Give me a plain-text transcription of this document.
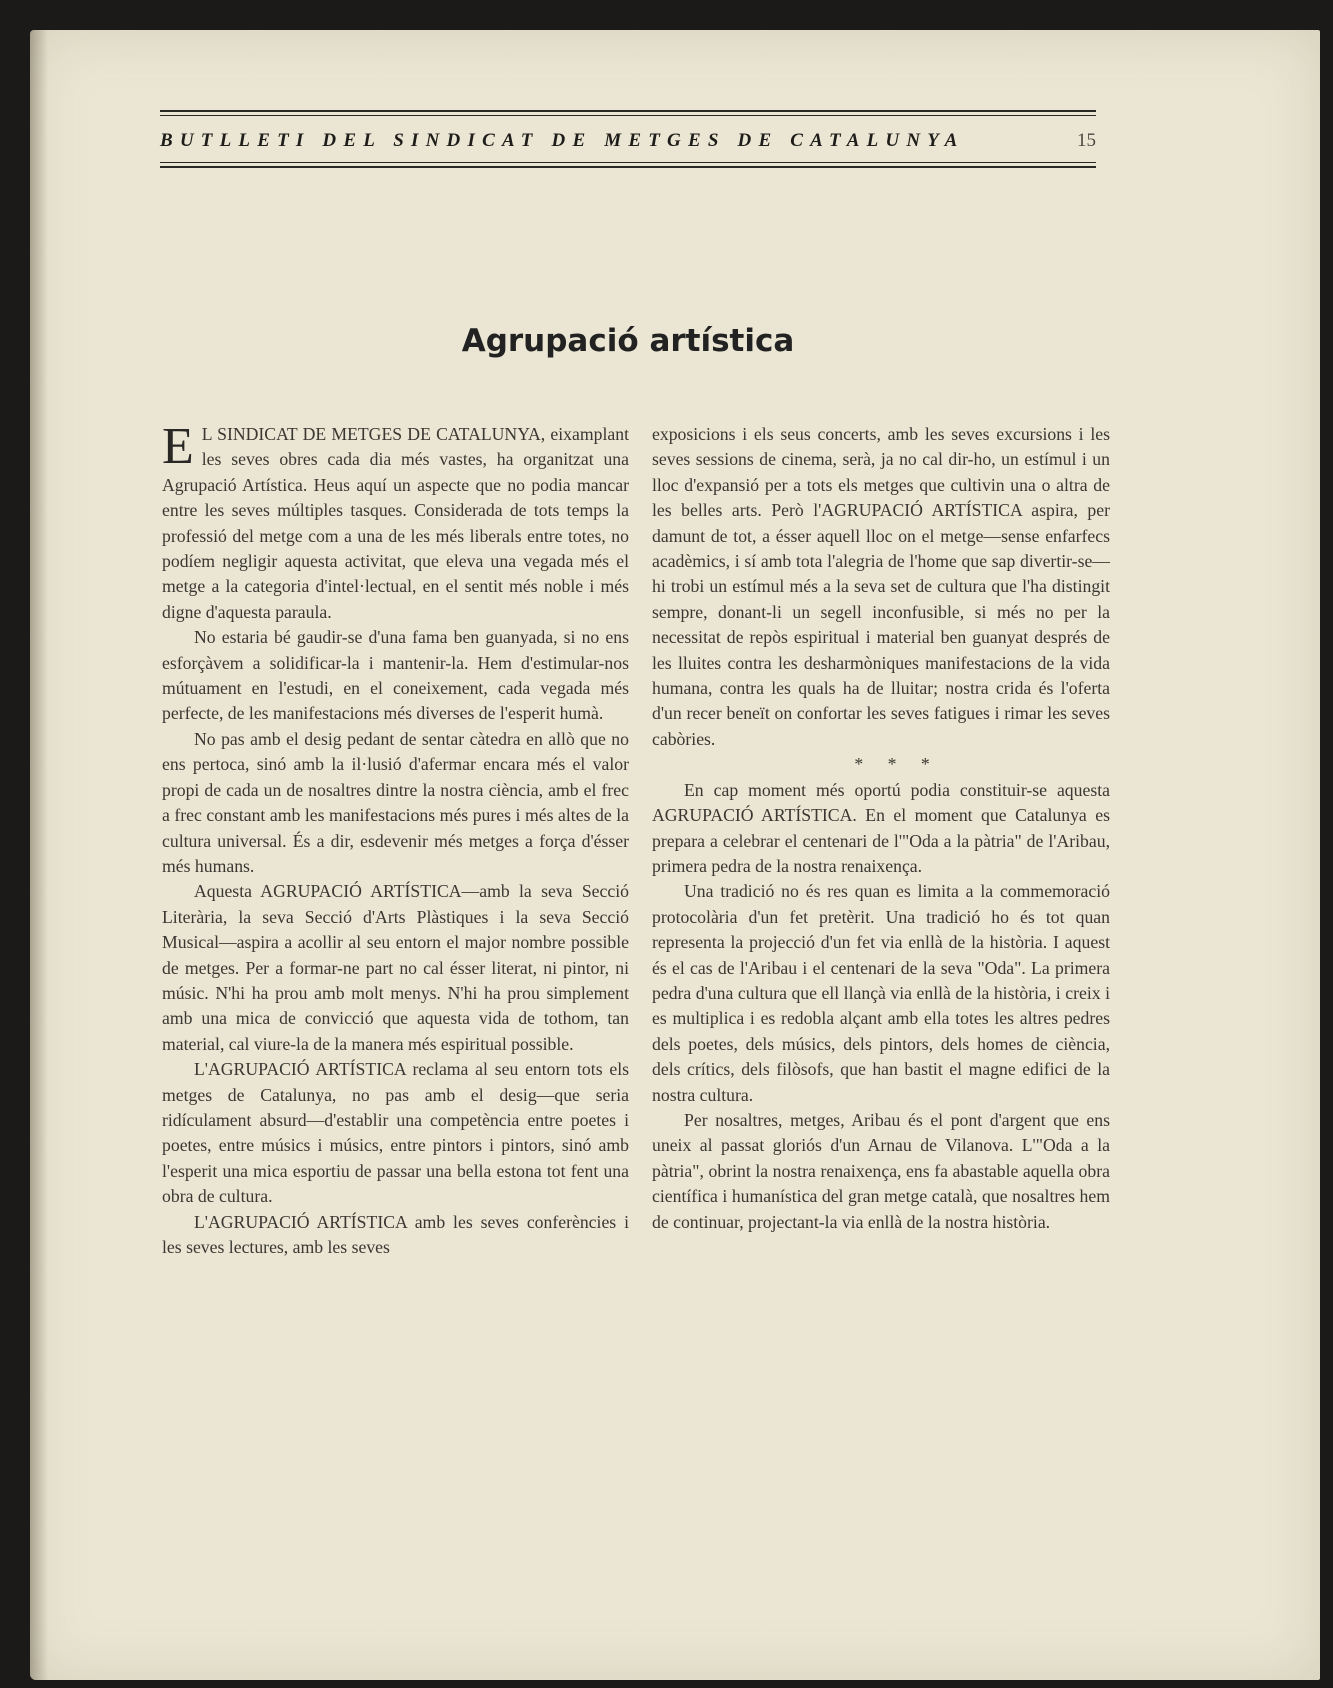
BUTLLETI DEL SINDICAT DE METGES DE CATALUNYA	15
Agrupació artística

E L SINDICAT DE METGES DE CATALUNYA, eixamplant les seves obres cada dia més vastes, ha organitzat una Agrupació Artística. Heus aquí un aspecte que no podia mancar entre les seves múltiples tasques. Considerada de tots temps la professió del metge com a una de les més liberals entre totes, no podíem negligir aquesta activitat, que eleva una vegada més el metge a la categoria d'intel·lectual, en el sentit més noble i més digne d'aquesta paraula.

No estaria bé gaudir-se d'una fama ben guanyada, si no ens esforçàvem a solidificar-la i mantenir-la. Hem d'estimular-nos mútuament en l'estudi, en el coneixement, cada vegada més perfecte, de les manifestacions més diverses de l'esperit humà.

No pas amb el desig pedant de sentar càtedra en allò que no ens pertoca, sinó amb la il·lusió d'afermar encara més el valor propi de cada un de nosaltres dintre la nostra ciència, amb el frec a frec constant amb les manifestacions més pures i més altes de la cultura universal. És a dir, esdevenir més metges a força d'ésser més humans.

Aquesta AGRUPACIÓ ARTÍSTICA—amb la seva Secció Literària, la seva Secció d'Arts Plàstiques i la seva Secció Musical—aspira a acollir al seu entorn el major nombre possible de metges. Per a formar-ne part no cal ésser literat, ni pintor, ni músic. N'hi ha prou amb molt menys. N'hi ha prou simplement amb una mica de convicció que aquesta vida de tothom, tan material, cal viure-la de la manera més espiritual possible.

L'AGRUPACIÓ ARTÍSTICA reclama al seu entorn tots els metges de Catalunya, no pas amb el desig—que seria ridículament absurd—d'establir una competència entre poetes i poetes, entre músics i músics, entre pintors i pintors, sinó amb l'esperit una mica esportiu de passar una bella estona tot fent una obra de cultura.

L'AGRUPACIÓ ARTÍSTICA amb les seves conferències i les seves lectures, amb les seves

exposicions i els seus concerts, amb les seves excursions i les seves sessions de cinema, serà, ja no cal dir-ho, un estímul i un lloc d'expansió per a tots els metges que cultivin una o altra de les belles arts. Però l'AGRUPACIÓ ARTÍSTICA aspira, per damunt de tot, a ésser aquell lloc on el metge—sense enfarfecs acadèmics, i sí amb tota l'alegria de l'home que sap divertir-se—hi trobi un estímul més a la seva set de cultura que l'ha distingit sempre, donant-li un segell inconfusible, si més no per la necessitat de repòs espiritual i material ben guanyat després de les lluites contra les desharmòniques manifestacions de la vida humana, contra les quals ha de lluitar; nostra crida és l'oferta d'un recer beneït on confortar les seves fatigues i rimar les seves cabòries.

* * *

En cap moment més oportú podia constituir-se aquesta AGRUPACIÓ ARTÍSTICA. En el moment que Catalunya es prepara a celebrar el centenari de l'"Oda a la pàtria" de l'Aribau, primera pedra de la nostra renaixença.

Una tradició no és res quan es limita a la commemoració protocolària d'un fet pretèrit. Una tradició ho és tot quan representa la projecció d'un fet via enllà de la història. I aquest és el cas de l'Aribau i el centenari de la seva "Oda". La primera pedra d'una cultura que ell llançà via enllà de la història, i creix i es multiplica i es redobla alçant amb ella totes les altres pedres dels poetes, dels músics, dels pintors, dels homes de ciència, dels crítics, dels filòsofs, que han bastit el magne edifici de la nostra cultura.

Per nosaltres, metges, Aribau és el pont d'argent que ens uneix al passat gloriós d'un Arnau de Vilanova. L'"Oda a la pàtria", obrint la nostra renaixença, ens fa abastable aquella obra científica i humanística del gran metge català, que nosaltres hem de continuar, projectant-la via enllà de la nostra història.
